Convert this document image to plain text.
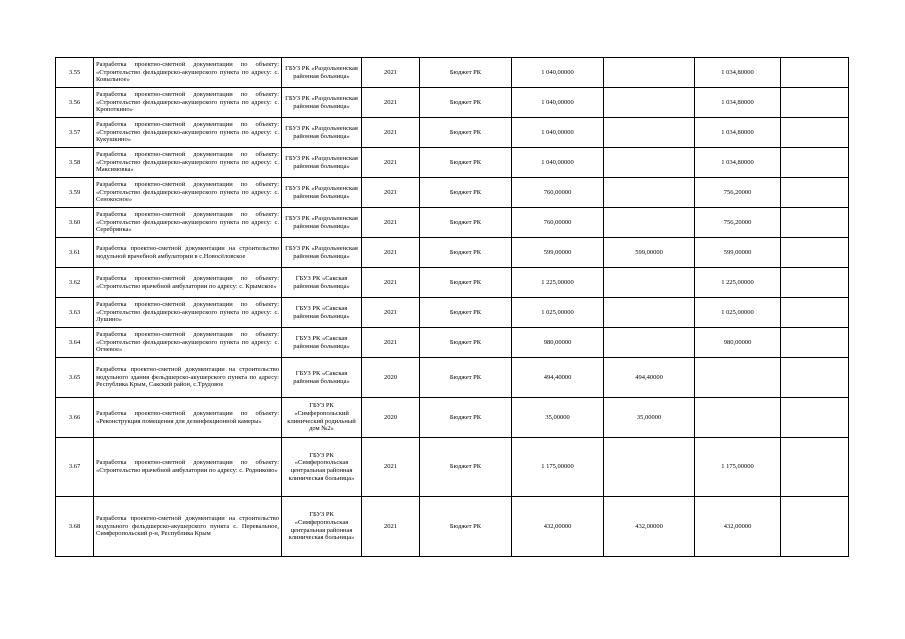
3.55	Разработка проектно-сметной документации по объекту: «Строительство фельдшерско-акушерского пункта по адресу: с. Ковыльное»	ГБУЗ РК «Раздольненская районная больница»	2021	Бюджет РК	1 040,00000		1 034,80000	
3.56	Разработка проектно-сметной документации по объекту: «Строительство фельдшерско-акушерского пункта по адресу: с. Кропоткино»	ГБУЗ РК «Раздольненская районная больница»	2021	Бюджет РК	1 040,00000		1 034,80000	
3.57	Разработка проектно-сметной документации по объекту: «Строительство фельдшерско-акушерского пункта по адресу: с. Кукушкино»	ГБУЗ РК «Раздольненская районная больница»	2021	Бюджет РК	1 040,00000		1 034,80000	
3.58	Разработка проектно-сметной документации по объекту: «Строительство фельдшерско-акушерского пункта по адресу: с. Максимовка»	ГБУЗ РК «Раздольненская районная больница»	2021	Бюджет РК	1 040,00000		1 034,80000	
3.59	Разработка проектно-сметной документации по объекту: «Строительство фельдшерско-акушерского пункта по адресу: с. Сенокосное»	ГБУЗ РК «Раздольненская районная больница»	2021	Бюджет РК	760,00000		756,20000	
3.60	Разработка проектно-сметной документации по объекту: «Строительство фельдшерско-акушерского пункта по адресу: с. Серебрянка»	ГБУЗ РК «Раздольненская районная больница»	2021	Бюджет РК	760,00000		756,20000	
3.61	Разработка проектно-сметной документации на строительство модульной врачебной амбулатории в с.Новосёловское	ГБУЗ РК «Раздольненская районная больница»	2021	Бюджет РК	599,00000	599,00000	599,00000	
3.62	Разработка проектно-сметной документации по объекту: «Строительство врачебной амбулатории по адресу: с. Крымское»	ГБУЗ РК «Сакская районная больница»	2021	Бюджет РК	1 225,00000		1 225,00000	
3.63	Разработка проектно-сметной документации по объекту: «Строительство фельдшерско-акушерского пункта по адресу: с. Лушино»	ГБУЗ РК «Сакская районная больница»	2021	Бюджет РК	1 025,00000		1 025,00000	
3.64	Разработка проектно-сметной документации по объекту: «Строительство фельдшерско-акушерского пункта по адресу: с. Огневое»	ГБУЗ РК «Сакская районная больница»	2021	Бюджет РК	980,00000		980,00000	
3.65	Разработка проектно-сметной документации на строительство модульного здания фельдшерско-акушерского пункта по адресу: Республика Крым, Сакский район, с.Трудовое	ГБУЗ РК «Сакская районная больница»	2020	Бюджет РК	494,40000	494,40000		
3.66	Разработка проектно-сметной документации по объекту: «Реконструкция помещения для дезинфекционной камеры»	ГБУЗ РК «Симферопольский клинический родильный дом №2»	2020	Бюджет РК	35,00000	35,00000		
3.67	Разработка проектно-сметной документации по объекту: «Строительство врачебной амбулатории по адресу: с. Родниково»	ГБУЗ РК «Симферопольская центральная районная клиническая больница»	2021	Бюджет РК	1 175,00000		1 175,00000	
3.68	Разработка проектно-сметной документации на строительство модульного фельдшерско-акушерского пункта с. Перевальное, Симферопольский р-н, Республика Крым	ГБУЗ РК «Симферопольская центральная районная клиническая больница»	2021	Бюджет РК	432,00000	432,00000	432,00000	
